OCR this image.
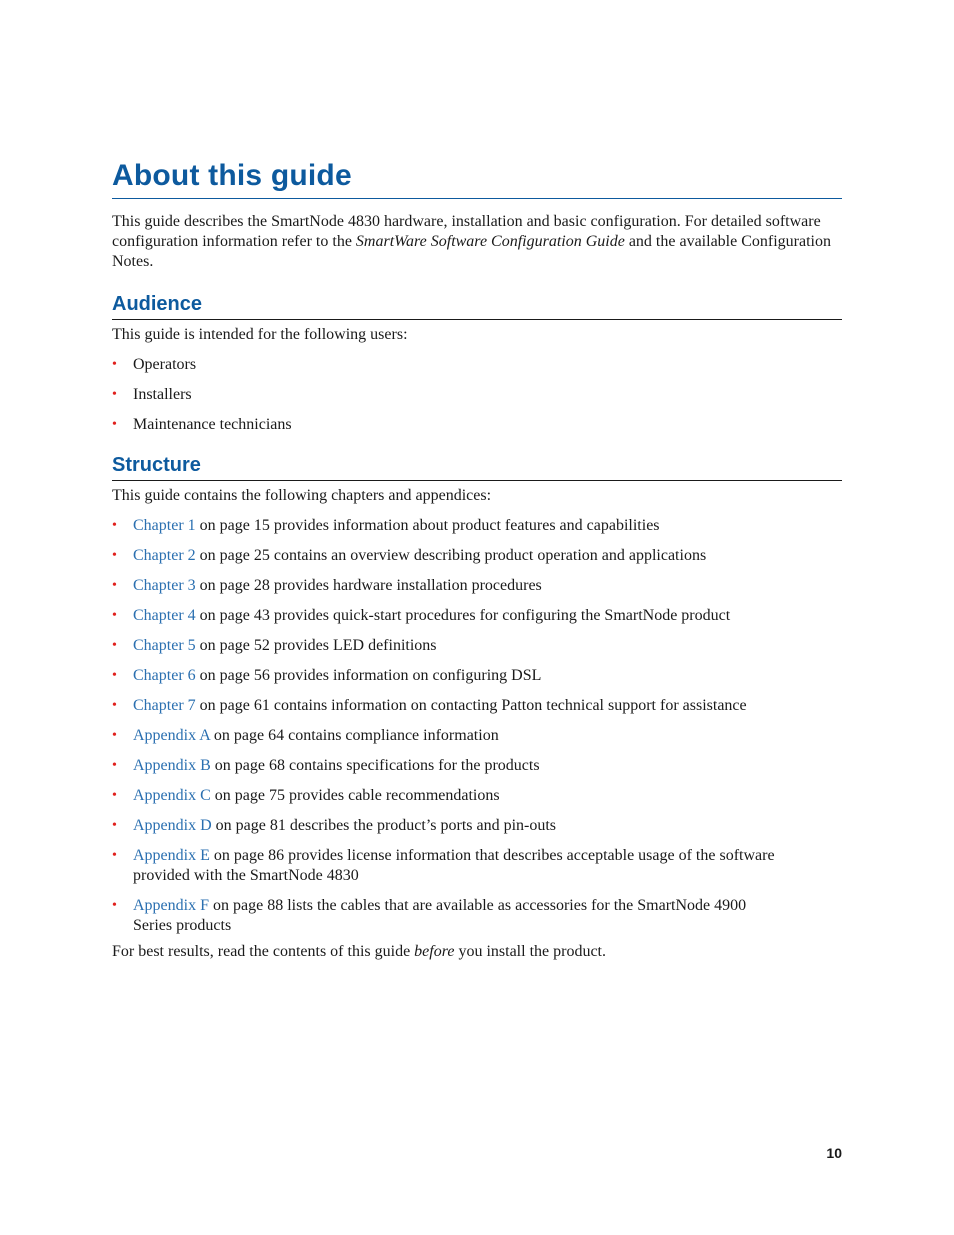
About this guide

This guide describes the SmartNode 4830 hardware, installation and basic configuration. For detailed software configuration information refer to the SmartWare Software Configuration Guide and the available Configuration Notes.

Audience

This guide is intended for the following users:

• Operators
• Installers
• Maintenance technicians
Structure

This guide contains the following chapters and appendices:

• Chapter 1 on page 15 provides information about product features and capabilities
• Chapter 2 on page 25 contains an overview describing product operation and applications
• Chapter 3 on page 28 provides hardware installation procedures
• Chapter 4 on page 43 provides quick-start procedures for configuring the SmartNode product
• Chapter 5 on page 52 provides LED definitions
• Chapter 6 on page 56 provides information on configuring DSL
• Chapter 7 on page 61 contains information on contacting Patton technical support for assistance
• Appendix A on page 64 contains compliance information
• Appendix B on page 68 contains specifications for the products
• Appendix C on page 75 provides cable recommendations
• Appendix D on page 81 describes the product’s ports and pin-outs
• Appendix E on page 86 provides license information that describes acceptable usage of the software provided with the SmartNode 4830
• Appendix F on page 88 lists the cables that are available as accessories for the SmartNode 4900 Series products

For best results, read the contents of this guide before you install the product.

10
